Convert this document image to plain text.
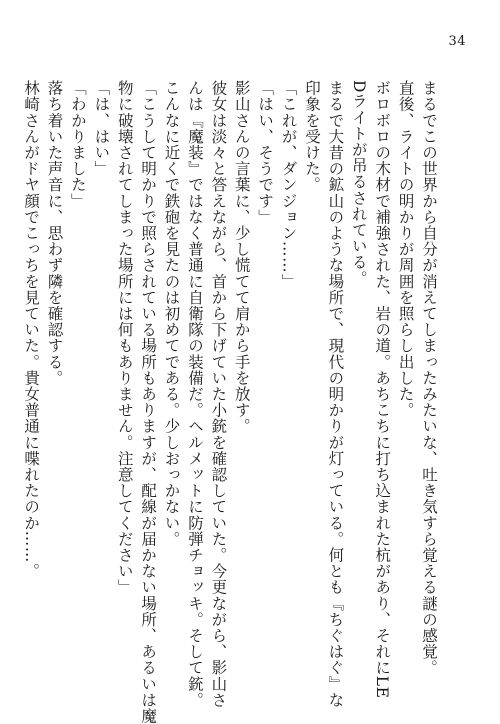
34
まるでこの世界から自分が消えてしまったみたいな、吐き気すら覚える謎の感覚。
直後、ライトの明かりが周囲を照らし出した。
ボロボロの木材で補強された、岩の道。あちこちに打ち込まれた杭があり、それにLE
Dライトが吊るされている。
まるで大昔の鉱山のような場所で、現代の明かりが灯っている。何とも『ちぐはぐ』な
印象を受けた。
「これが、ダンジョン……」
「はい、そうです」
影山さんの言葉に、少し慌てて肩から手を放す。
彼女は淡々と答えながら、首から下げていた小銃を確認していた。今更ながら、影山さ
んは『魔装』ではなく普通に自衛隊の装備だ。ヘルメットに防弾チョッキ。そして銃。
こんなに近くで鉄砲を見たのは初めてである。少しおっかない。
「こうして明かりで照らされている場所もありますが、配線が届かない場所、あるいは魔
物に破壊されてしまった場所には何もありません。注意してください」
「は、はい」
「わかりました」
落ち着いた声音に、思わず隣を確認する。
林崎さんがドヤ顔でこっちを見ていた。貴女普通に喋れたのか……。
